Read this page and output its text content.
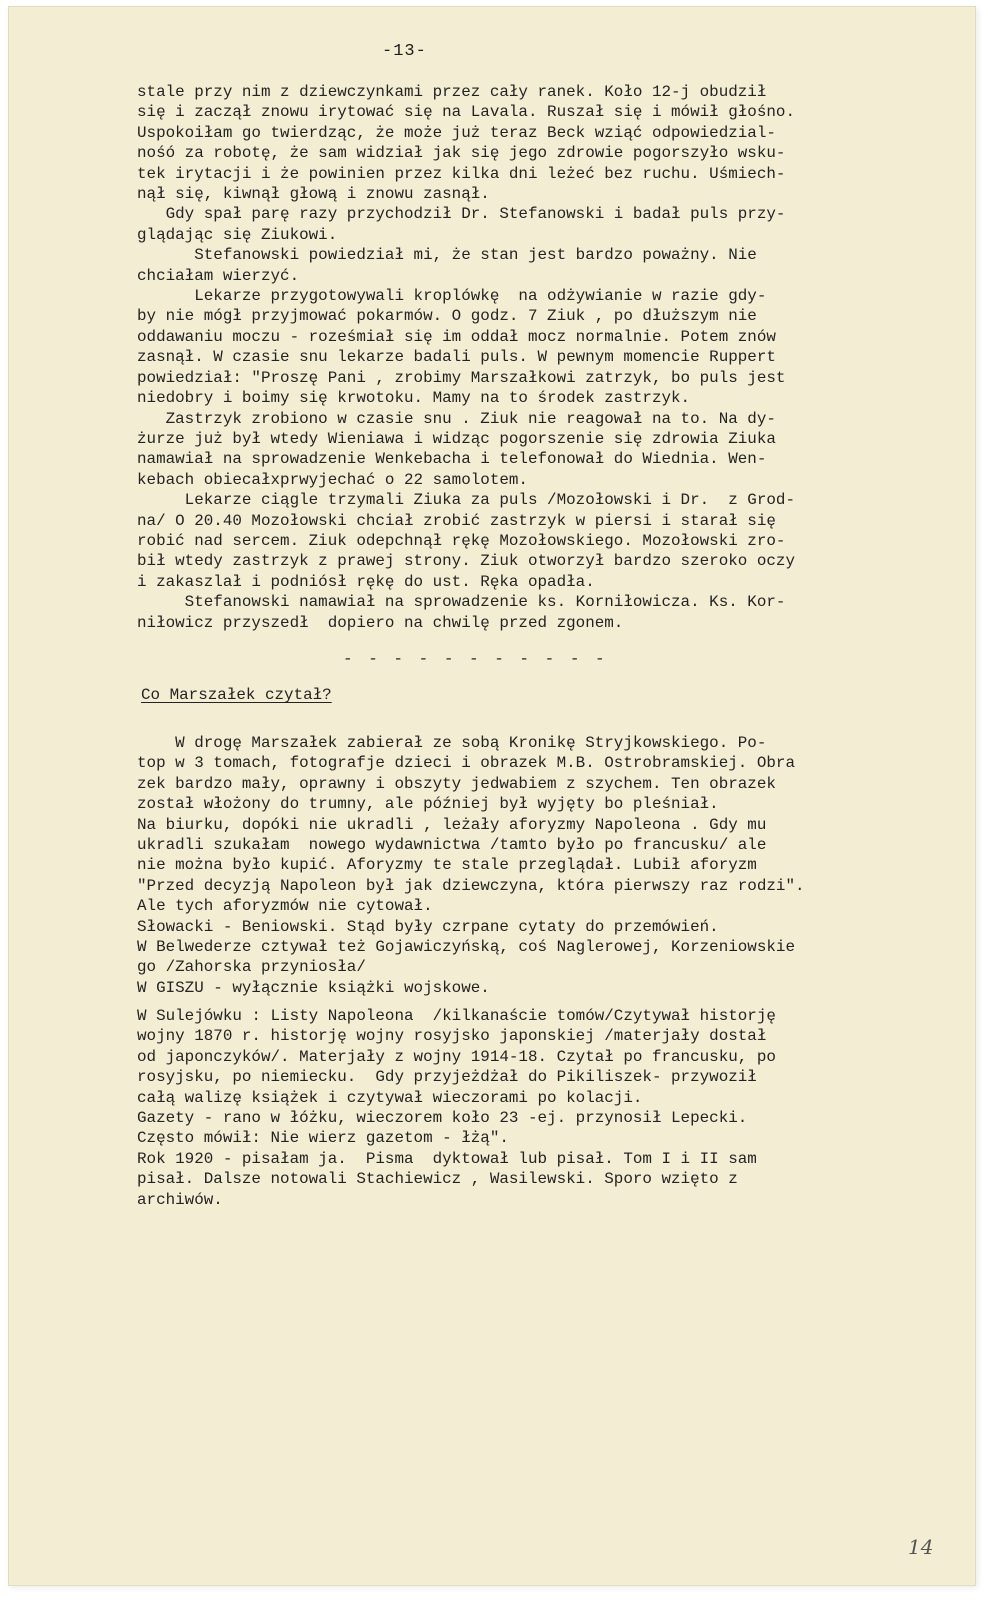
-13-
stale przy nim z dziewczynkami przez cały ranek. Koło 12-j obudził
się i zaczął znowu irytować się na Lavala. Ruszał się i mówił głośno.
Uspokoiłam go twierdząc, że może już teraz Beck wziąć odpowiedzial-
nośó za robotę, że sam widział jak się jego zdrowie pogorszyło wsku-
tek irytacji i że powinien przez kilka dni leżeć bez ruchu. Uśmiech-
nął się, kiwnął głową i znowu zasnął.
Gdy spał parę razy przychodził Dr. Stefanowski i badał puls przy-
glądając się Ziukowi.
Stefanowski powiedział mi, że stan jest bardzo poważny. Nie
chciałam wierzyć.
Lekarze przygotowywali kroplówkę  na odżywianie w razie gdy-
by nie mógł przyjmować pokarmów. O godz. 7 Ziuk , po dłuższym nie
oddawaniu moczu - roześmiał się im oddał mocz normalnie. Potem znów
zasnął. W czasie snu lekarze badali puls. W pewnym momencie Ruppert
powiedział: "Proszę Pani , zrobimy Marszałkowi zatrzyk, bo puls jest
niedobry i boimy się krwotoku. Mamy na to środek zastrzyk.
Zastrzyk zrobiono w czasie snu . Ziuk nie reagował na to. Na dy-
żurze już był wtedy Wieniawa i widząc pogorszenie się zdrowia Ziuka
namawiał na sprowadzenie Wenkebacha i telefonował do Wiednia. Wen-
kebach obiecałxprwyjechać o 22 samolotem.
Lekarze ciągle trzymali Ziuka za puls /Mozołowski i Dr.  z Grod-
na/ O 20.40 Mozołowski chciał zrobić zastrzyk w piersi i starał się
robić nad sercem. Ziuk odepchnął rękę Mozołowskiego. Mozołowski zro-
bił wtedy zastrzyk z prawej strony. Ziuk otworzył bardzo szeroko oczy
i zakaszlał i podniósł rękę do ust. Ręka opadła.
Stefanowski namawiał na sprowadzenie ks. Korniłowicza. Ks. Kor-
niłowicz przyszedł  dopiero na chwilę przed zgonem.
- - - - - - - - - - -
Co Marszałek czytał?
W drogę Marszałek zabierał ze sobą Kronikę Stryjkowskiego. Po-
top w 3 tomach, fotografje dzieci i obrazek M.B. Ostrobramskiej. Obra
zek bardzo mały, oprawny i obszyty jedwabiem z szychem. Ten obrazek
został włożony do trumny, ale później był wyjęty bo pleśniał.
Na biurku, dopóki nie ukradli , leżały aforyzmy Napoleona . Gdy mu
ukradli szukałam  nowego wydawnictwa /tamto było po francusku/ ale
nie można było kupić. Aforyzmy te stale przeglądał. Lubił aforyzm
"Przed decyzją Napoleon był jak dziewczyna, która pierwszy raz rodzi".
Ale tych aforyzmów nie cytował.
Słowacki - Beniowski. Stąd były czrpane cytaty do przemówień.
W Belwederze cztywał też Gojawiczyńską, coś Naglerowej, Korzeniowskie
go /Zahorska przyniosła/
W GISZU - wyłącznie książki wojskowe.
W Sulejówku : Listy Napoleona  /kilkanaście tomów/Czytywał historję
wojny 1870 r. historję wojny rosyjsko japonskiej /materjały dostał
od japonczyków/. Materjały z wojny 1914-18. Czytał po francusku, po
rosyjsku, po niemiecku.  Gdy przyjeżdżał do Pikiliszek- przywoził
całą walizę książek i czytywał wieczorami po kolacji.
Gazety - rano w łóżku, wieczorem koło 23 -ej. przynosił Lepecki.
Często mówił: Nie wierz gazetom - łżą".
Rok 1920 - pisałam ja.  Pisma  dyktował lub pisał. Tom I i II sam
pisał. Dalsze notowali Stachiewicz , Wasilewski. Sporo wzięto z
archiwów.
14
